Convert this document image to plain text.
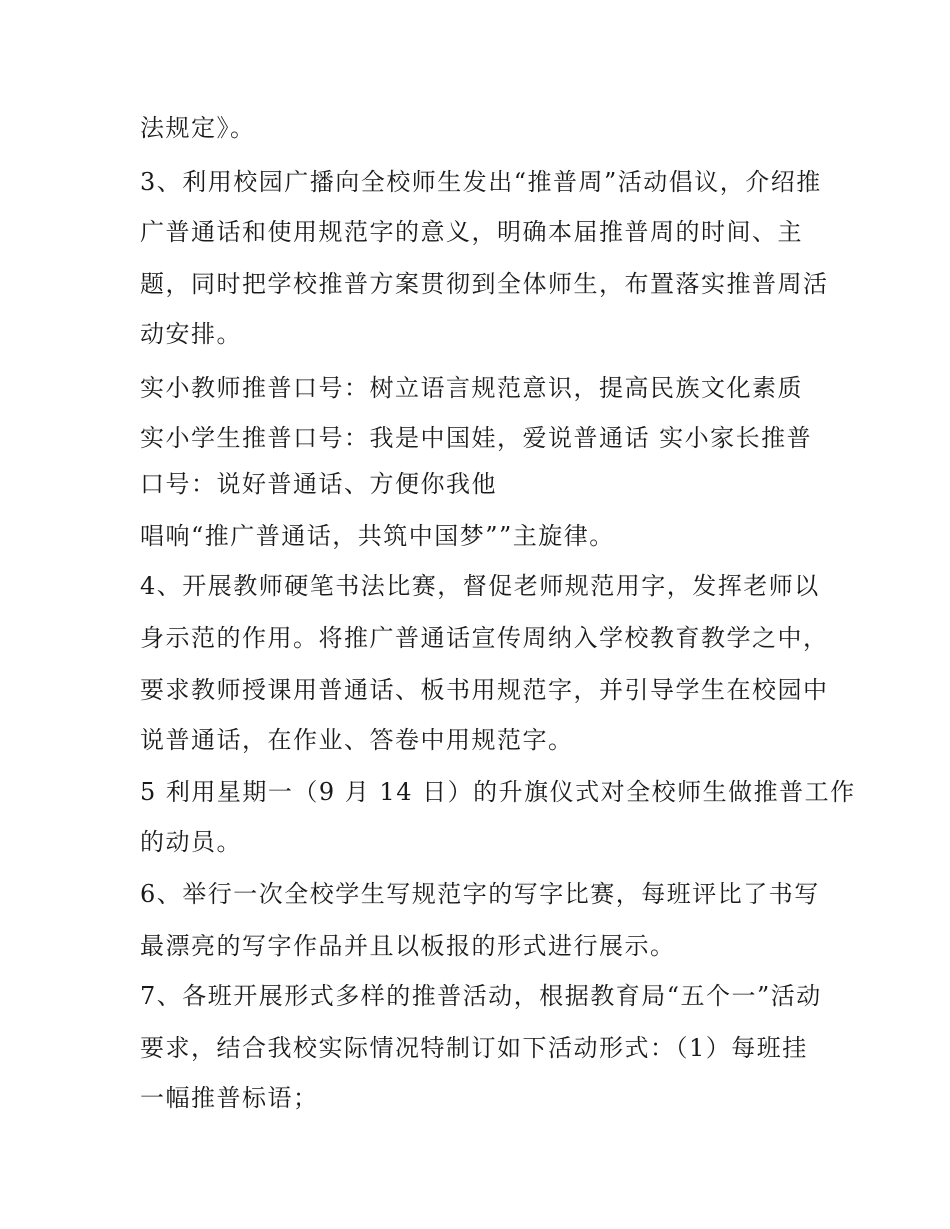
法规定》。
3、利用校园广播向全校师生发出“推普周”活动倡议，介绍推
广普通话和使用规范字的意义，明确本届推普周的时间、主
题，同时把学校推普方案贯彻到全体师生，布置落实推普周活
动安排。
实小教师推普口号：树立语言规范意识，提高民族文化素质
实小学生推普口号：我是中国娃，爱说普通话 实小家长推普
口号：说好普通话、方便你我他
唱响“推广普通话，共筑中国梦””主旋律。
4、开展教师硬笔书法比赛，督促老师规范用字，发挥老师以
身示范的作用。将推广普通话宣传周纳入学校教育教学之中，
要求教师授课用普通话、板书用规范字，并引导学生在校园中
说普通话，在作业、答卷中用规范字。
5 利用星期一（9 月 14 日）的升旗仪式对全校师生做推普工作
的动员。
6、举行一次全校学生写规范字的写字比赛，每班评比了书写
最漂亮的写字作品并且以板报的形式进行展示。
7、各班开展形式多样的推普活动，根据教育局“五个一”活动
要求，结合我校实际情况特制订如下活动形式：（1）每班挂
一幅推普标语；
